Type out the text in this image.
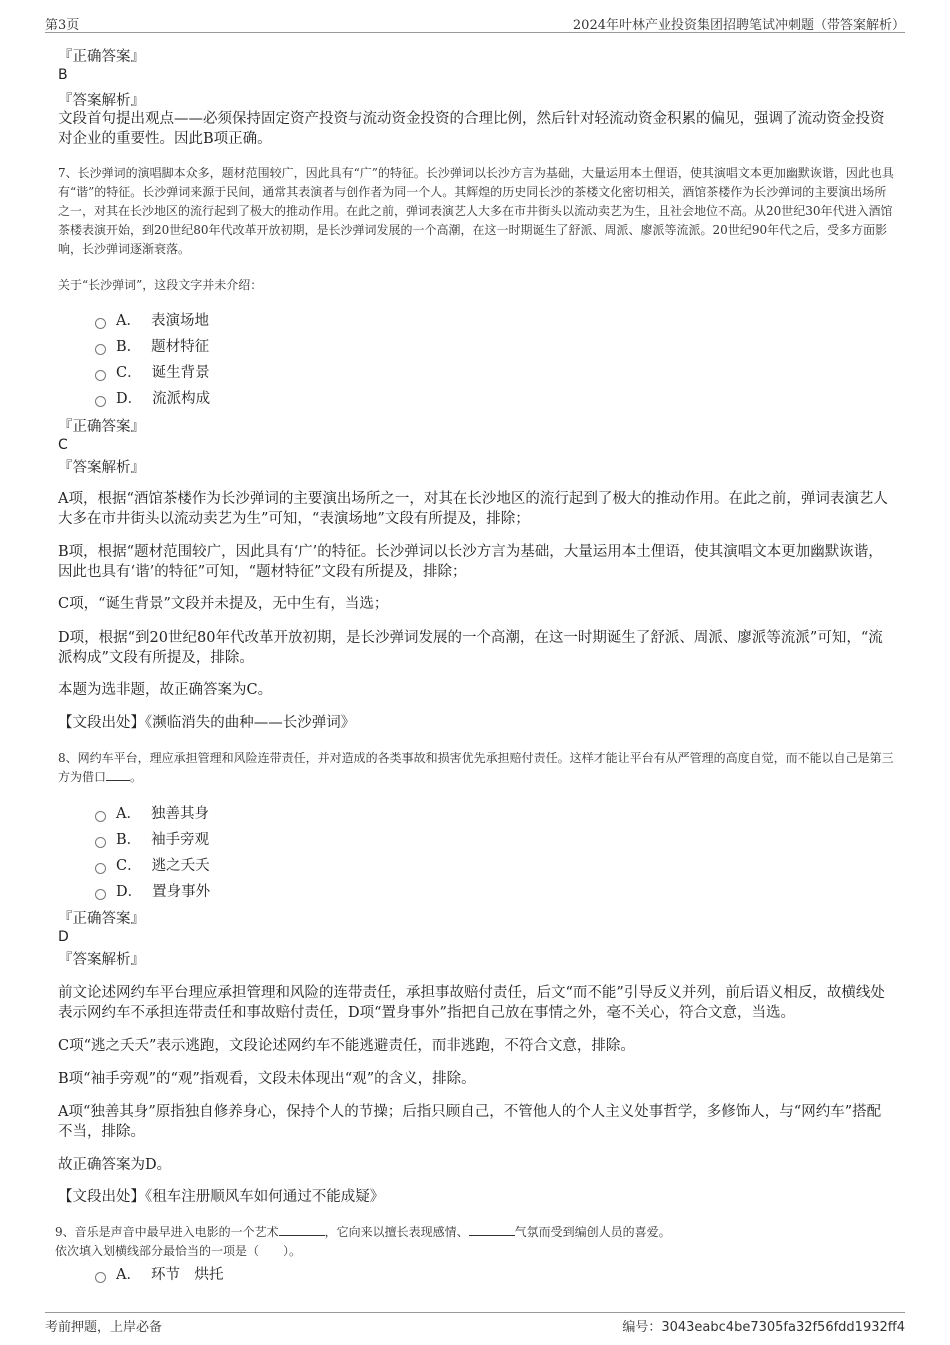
第3页	2024年叶林产业投资集团招聘笔试冲刺题（带答案解析）
『正确答案』
B
『答案解析』

文段首句提出观点——必须保持固定资产投资与流动资金投资的合理比例，然后针对轻流动资金积累的偏见，强调了流动资金投资对企业的重要性。因此B项正确。

7、长沙弹词的演唱脚本众多，题材范围较广，因此具有“广”的特征。长沙弹词以长沙方言为基础，大量运用本土俚语，使其演唱文本更加幽默诙谐，因此也具有“谐”的特征。长沙弹词来源于民间，通常其表演者与创作者为同一个人。其辉煌的历史同长沙的茶楼文化密切相关，酒馆茶楼作为长沙弹词的主要演出场所之一，对其在长沙地区的流行起到了极大的推动作用。在此之前，弹词表演艺人大多在市井街头以流动卖艺为生，且社会地位不高。从20世纪30年代进入酒馆茶楼表演开始，到20世纪80年代改革开放初期，是长沙弹词发展的一个高潮，在这一时期诞生了舒派、周派、廖派等流派。20世纪90年代之后，受多方面影响，长沙弹词逐渐衰落。

关于“长沙弹词”，这段文字并未介绍：

A． 表演场地
B． 题材特征
C． 诞生背景
D． 流派构成
『正确答案』
C
『答案解析』

A项，根据“酒馆茶楼作为长沙弹词的主要演出场所之一，对其在长沙地区的流行起到了极大的推动作用。在此之前，弹词表演艺人大多在市井街头以流动卖艺为生”可知，“表演场地”文段有所提及，排除；

B项，根据“题材范围较广，因此具有‘广’的特征。长沙弹词以长沙方言为基础，大量运用本土俚语，使其演唱文本更加幽默诙谐，因此也具有‘谐’的特征”可知，“题材特征”文段有所提及，排除；

C项，“诞生背景”文段并未提及，无中生有，当选；

D项，根据“到20世纪80年代改革开放初期，是长沙弹词发展的一个高潮，在这一时期诞生了舒派、周派、廖派等流派”可知，“流派构成”文段有所提及，排除。

本题为选非题，故正确答案为C。

【文段出处】《濒临消失的曲种——长沙弹词》

8、网约车平台，理应承担管理和风险连带责任，并对造成的各类事故和损害优先承担赔付责任。这样才能让平台有从严管理的高度自觉，而不能以自己是第三方为借口 。

A． 独善其身
B． 袖手旁观
C． 逃之夭夭
D． 置身事外
『正确答案』
D
『答案解析』

前文论述网约车平台理应承担管理和风险的连带责任，承担事故赔付责任，后文“而不能”引导反义并列，前后语义相反，故横线处表示网约车不承担连带责任和事故赔付责任，D项“置身事外”指把自己放在事情之外，毫不关心，符合文意，当选。

C项“逃之夭夭”表示逃跑，文段论述网约车不能逃避责任，而非逃跑，不符合文意，排除。

B项“袖手旁观”的“观”指观看，文段未体现出“观”的含义，排除。

A项“独善其身”原指独自修养身心，保持个人的节操；后指只顾自己，不管他人的个人主义处事哲学，多修饰人，与“网约车”搭配不当，排除。

故正确答案为D。

【文段出处】《租车注册顺风车如何通过不能成疑》

9、音乐是声音中最早进入电影的一个艺术	，它向来以擅长表现感情、	气氛而受到编创人员的喜爱。

依次填入划横线部分最恰当的一项是（　　）。

A． 环节　烘托
考前押题，上岸必备	编号：3043eabc4be7305fa32f56fdd1932ff4
